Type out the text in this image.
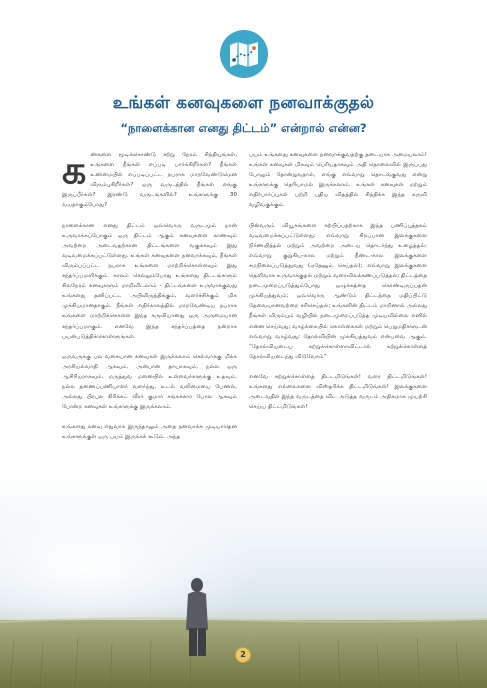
உங்கள் கனவுகளை நனவாக்குதல்
“நாளைக்கான எனது திட்டம்” என்றால் என்ன?

கண்களை மூடிக்கொண்டு சற்று நேரம் சிந்தியுங்கள், உங்களை நீங்கள் எப்படி பார்க்கிறீர்கள்? நீங்கள் உண்மையில் எப்படிப்பட்ட நபராக மாறவேண்டுமென விரும்புகிறீர்கள்? ஒரு வருடத்தில் நீங்கள் எங்கு இருப்பீர்கள்? இரண்டு வருடங்களில்? உங்களுக்கு 30 வயதாகும்போது?

நாளைக்கான எனது திட்டம் ஒவ்வொரு வருடமும் நான் உருவாக்கப்போகும் ஒரு திட்டம் ஆகும் கனவுகளை காணவும் அவற்றை அடைவதற்கான திட்டங்களை வகுக்கவும் இது வடிவமைக்கப்பட்டுள்ளது. உங்கள் கனவுகளை நனவாக்கவும், நீங்கள் விரும்பப்பட்ட நபராக உங்களை மாற்றிக்கொள்ளவும் இது சந்தர்ப்பமளிக்கும். காலம் செல்லும்போது உங்களது திட்டங்களும் சிலநேரம் கனவுகளும் மாறிவிடலாம் - திட்டங்களை உருவாக்குவது உங்களது தனிப்பட்ட அபிவிருத்திக்கும், வளர்ச்சிக்கும் மிக முக்கியமானதாகும். நீங்கள் எதிர்காலத்தில் மாறவேண்டிய நபராக உங்களை மாற்றிக்கொள்ள இந்த கருவியானது ஒரு அருமையான சந்தர்ப்பமாகும். எனவே இந்த சந்தர்ப்பத்தை நன்றாக பயன்படுத்திக்கொள்ளுங்கள்.

ஒருவருக்கு பல வகையான கனவுகள் இருக்கலாம் செல்வாக்கு மிக்க அரசியல்வாதி ஆகவும், அன்பான தாயாகவும், நல்ல ஒரு ஆசிரியராகவும், மருத்துவ மனையில் உள்ளவர்களுக்கு உதவும், நல்ல தணைப்பணியாளர் வளர்ந்து, உடல் வலிமையை பேணல், அல்லது பிரபல கிரிக்கட் வீரர் குமார் சங்கக்கார போல ஆகவும் போன்ற கனவுகள் உங்களுக்கு இருக்கலாம்.

உங்களது கனவு எதுவாக இருந்தாலும் அதை நனவாக்க முடியாதென உங்களுக்குள் ஒரு பயம் இருக்கக் கூடும். அந்த

பயம் உங்களது கனவுகளை நனவாக்குவதற்கு தடையாக அமையலாம்! உங்கள் கனவுகள் மிகவும் பெரியதாகவும் அதி தொலைவில் இருப்பது போலும் தோன்றுவதால், எங்கு எவ்வாறு தொடங்குவது என்று உங்களுக்கு தெரியாமல் இருக்கலாம். உங்கள் கனவுகள் மற்றும் எதிர்பார்ப்புகள் பற்றி புதிய விதத்தில் சிந்திக்க இந்த கருவி வழிவகுக்கும்.

பின்வரும் வியூகங்களை கற்பிப்பதற்காக இந்த பணிப்புத்தகம் வடிவமைக்கப்பட்டுள்ளது: எவ்வாறு சிறப்பான இலக்குகளை நிர்ணயித்தல் மற்றும் அவற்றை அடைய தொடர்ந்து உழைத்தல்; எவ்வாறு குறுகிய-கால மற்றும் நீண்ட-கால இலக்குகளை சமநிலைப்படுத்துவது (ஏதேனும் செய்தல்); எவ்வாறு இலக்குகளை தெளிவாக உருவாக்குதல் மற்றும் வரைவிலக்கணப்படுத்தல்; திட்டத்தை நடைமுறைப்படுத்தும்போது ஒழுக்கத்தை கொண்டிருப்பதன் முக்கியத்துவம்; ஒவ்வொரு ஆண்டும் திட்டத்தை மதிப்பிட்டு தேவையானவற்றை சரிசெய்தல்; உங்களின் திட்டம் மாறினால் அல்லது நீங்கள் விரும்பும் வழியில் நடைமுறைப்படுத்த முடியவில்லை எனில் என்ன செய்வது; வாழ்க்கையில் கொள்கைகள் மற்றும் பெறுமதிகளுடன் எவ்வாறு வாழ்வது; தோல்வியின் முக்கியத்துவம் என்பவை ஆகும். “தோல்வியடைய கற்றுக்கொள்ளாவிட்டால் கற்றுக்கொள்ளத் தோல்வியடைந்து விடுவோம்”

எனவே கற்றுக்கொள்ளத் திட்டமிடுங்கள்! வளர திட்டமிடுங்கள்! உங்களது எல்லைகளை விஸ்தரிக்க திட்டமிடுங்கள்! இலக்குகளை அடைவதில் இந்த வருடத்தை விட அடுத்த வருடம் அதிகமாக முயற்சி செய்ய திட்டமிடுங்கள்!

2
